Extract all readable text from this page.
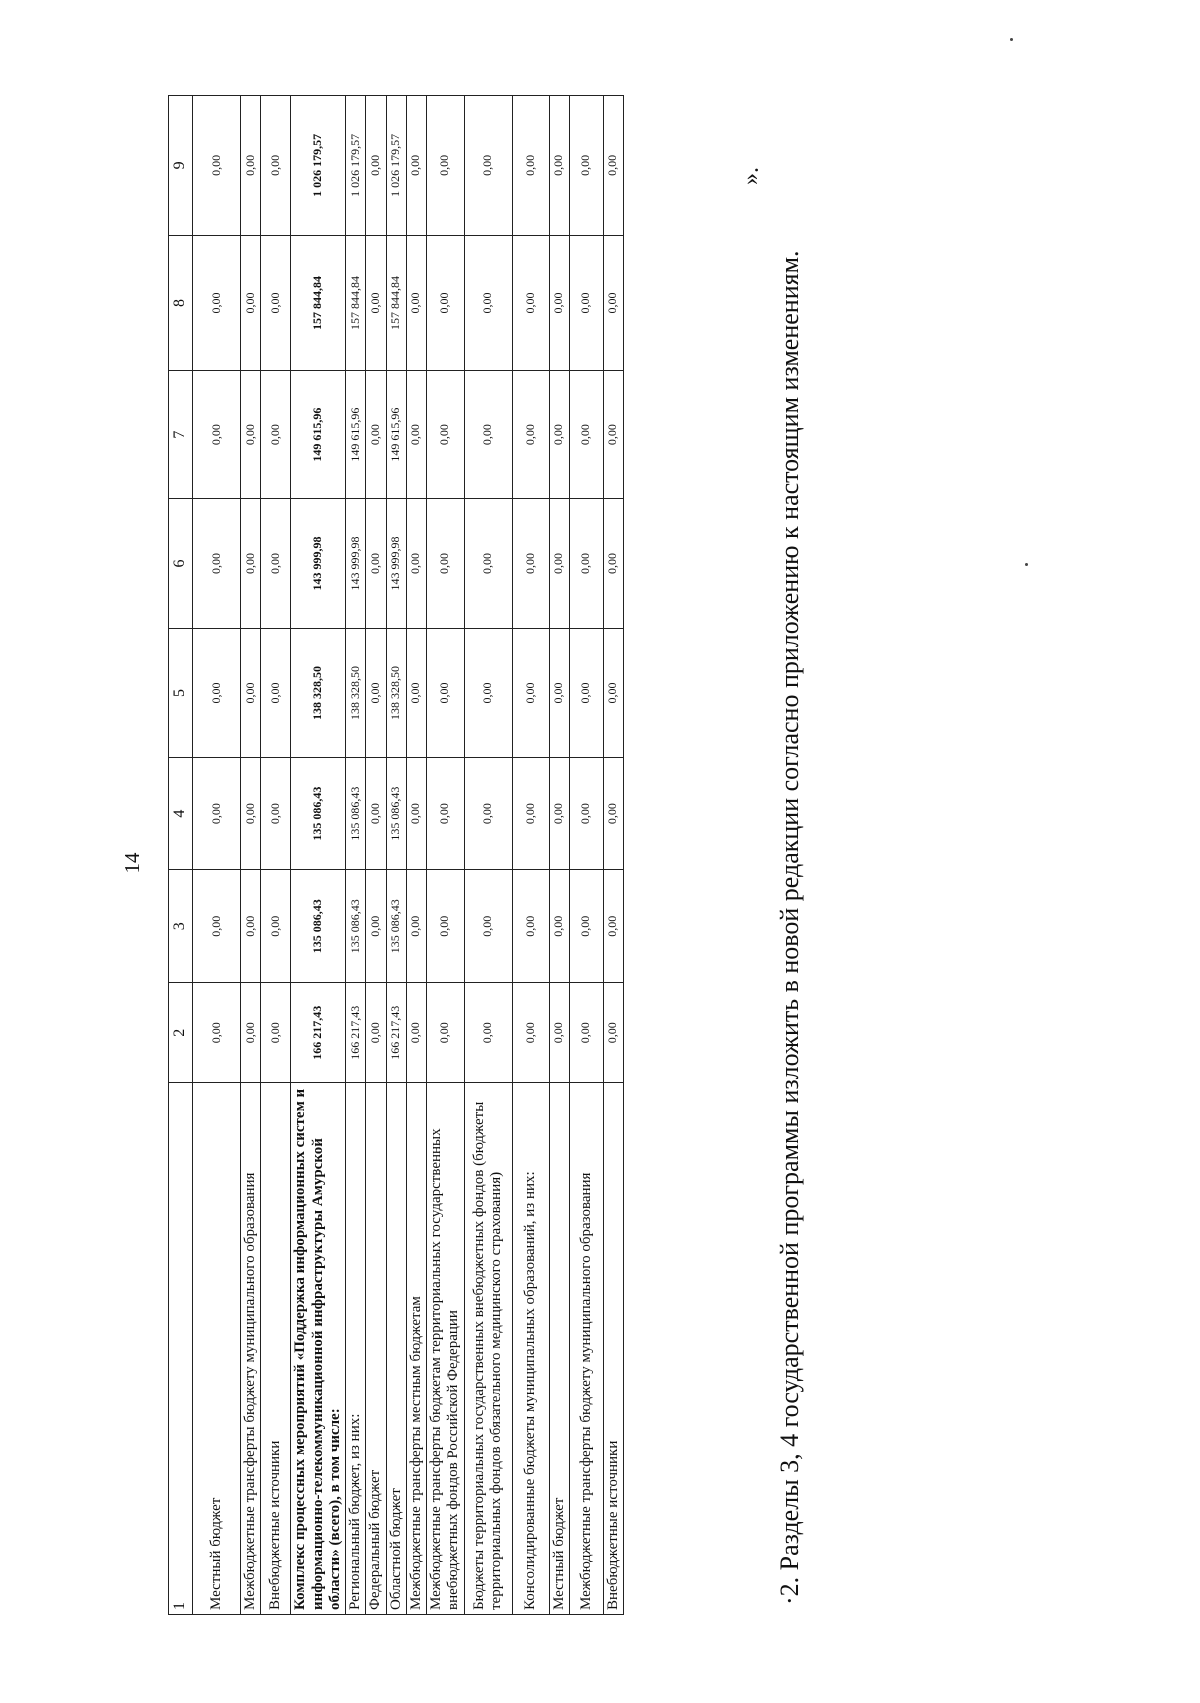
14
1	2	3	4	5	6	7	8	9
Местный бюджет	0,00	0,00	0,00	0,00	0,00	0,00	0,00	0,00
Межбюджетные трансферты бюджету муниципального образования	0,00	0,00	0,00	0,00	0,00	0,00	0,00	0,00
Внебюджетные источники	0,00	0,00	0,00	0,00	0,00	0,00	0,00	0,00
Комплекс процессных мероприятий «Поддержка информационных систем и информационно-телекоммуникационной инфраструктуры Амурской области» (всего), в том числе:	166 217,43	135 086,43	135 086,43	138 328,50	143 999,98	149 615,96	157 844,84	1 026 179,57
Региональный бюджет, из них:	166 217,43	135 086,43	135 086,43	138 328,50	143 999,98	149 615,96	157 844,84	1 026 179,57
Федеральный бюджет	0,00	0,00	0,00	0,00	0,00	0,00	0,00	0,00
Областной бюджет	166 217,43	135 086,43	135 086,43	138 328,50	143 999,98	149 615,96	157 844,84	1 026 179,57
Межбюджетные трансферты местным бюджетам	0,00	0,00	0,00	0,00	0,00	0,00	0,00	0,00
Межбюджетные трансферты бюджетам территориальных государственных внебюджетных фондов Российской Федерации	0,00	0,00	0,00	0,00	0,00	0,00	0,00	0,00
Бюджеты территориальных государственных внебюджетных фондов (бюджеты территориальных фондов обязательного медицинского страхования)	0,00	0,00	0,00	0,00	0,00	0,00	0,00	0,00
Консолидированные бюджеты муниципальных образований, из них:	0,00	0,00	0,00	0,00	0,00	0,00	0,00	0,00
Местный бюджет	0,00	0,00	0,00	0,00	0,00	0,00	0,00	0,00
Межбюджетные трансферты бюджету муниципального образования	0,00	0,00	0,00	0,00	0,00	0,00	0,00	0,00
Внебюджетные источники	0,00	0,00	0,00	0,00	0,00	0,00	0,00	0,00
».

·2. Разделы 3, 4 государственной программы изложить в новой редакции согласно приложению к настоящим изменениям.
